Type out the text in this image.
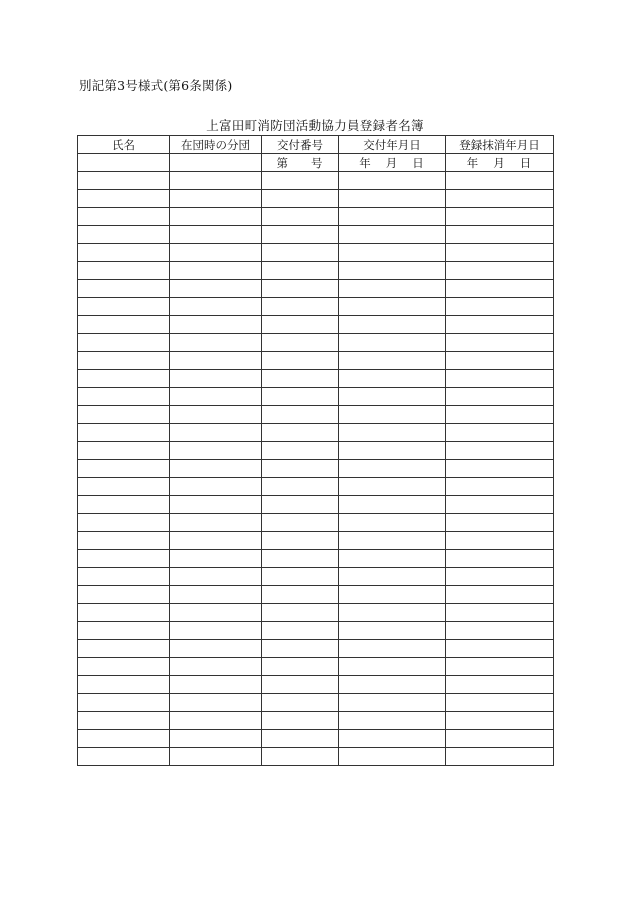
別記第3号様式(第6条関係)
上富田町消防団活動協力員登録者名簿
氏名	在団時の分団	交付番号	交付年月日	登録抹消年月日
		第 号	年 月 日	年 月 日
